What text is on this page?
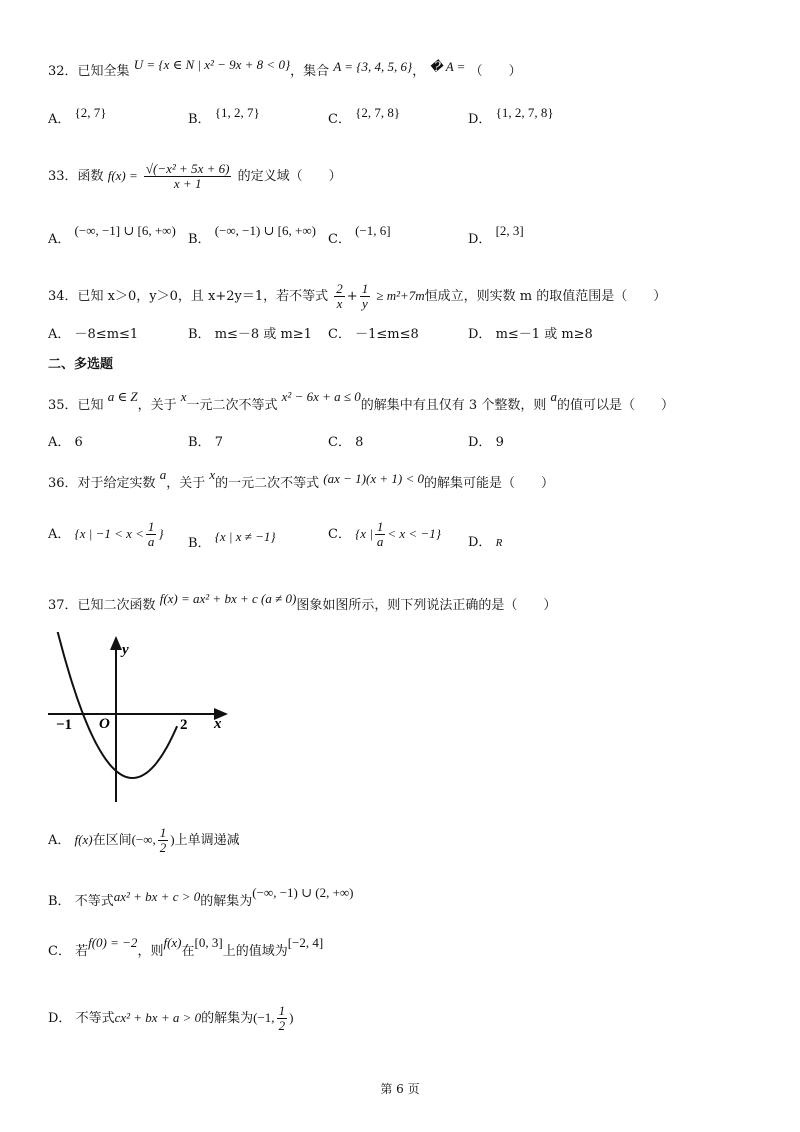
32．已知全集 U = {x ∈ N | x² − 9x + 8 < 0}，集合 A = {3, 4, 5, 6}， � A = （　　）
A． {2, 7}	B． {1, 2, 7}	C． {2, 7, 8}	D． {1, 2, 7, 8}
33．函数 $f(x) = \frac{\text{√(−x² + 5x + 6)}}{x + 1}$ 的定义域（　　）
A． (−∞, −1] ∪ [6, +∞)
B． (−∞, −1) ∪ [6, +∞)
C． (−1, 6]
D． [2, 3]
34．已知 x＞0，y＞0，且 x+2y＝1，若不等式 $\frac{2}{x} + \frac{1}{y} \ge m^2+7m$恒成立，则实数 m 的取值范围是（　　）
A． －8≤m≤1	B． m≤－8 或 m≥1 C． －1≤m≤8	D． m≤－1 或 m≥8
二、多选题
35．已知 a ∈ Z，关于 x一元二次不等式 x² − 6x + a ≤ 0的解集中有且仅有 3 个整数，则 a的值可以是（　　）
A． 6	B． 7	C． 8	D． 9
36．对于给定实数 a，关于 x的一元二次不等式 (ax − 1)(x + 1) < 0的解集可能是（　　）
A． {x | $-1 < x < \frac{1}{a}$ }
B． {x | x ≠ −1}	C． {x | $\frac{1}{a} < x < -1$}
D． R
37．已知二次函数 f(x) = ax² + bx + c (a ≠ 0)图象如图所示，则下列说法正确的是（　　）
y
x
O
−1	2
A． f(x)在区间(−∞, $\frac{1}{2}$ )上单调递减
B． 不等式ax² + bx + c > 0的解集为(−∞, −1) ∪ (2, +∞)
C． 若f(0) = −2，则f(x)在[0, 3]上的值域为[−2, 4]
D． 不等式cx² + bx + a > 0的解集为(−1, $\frac{1}{2}$ )
第 6 页
